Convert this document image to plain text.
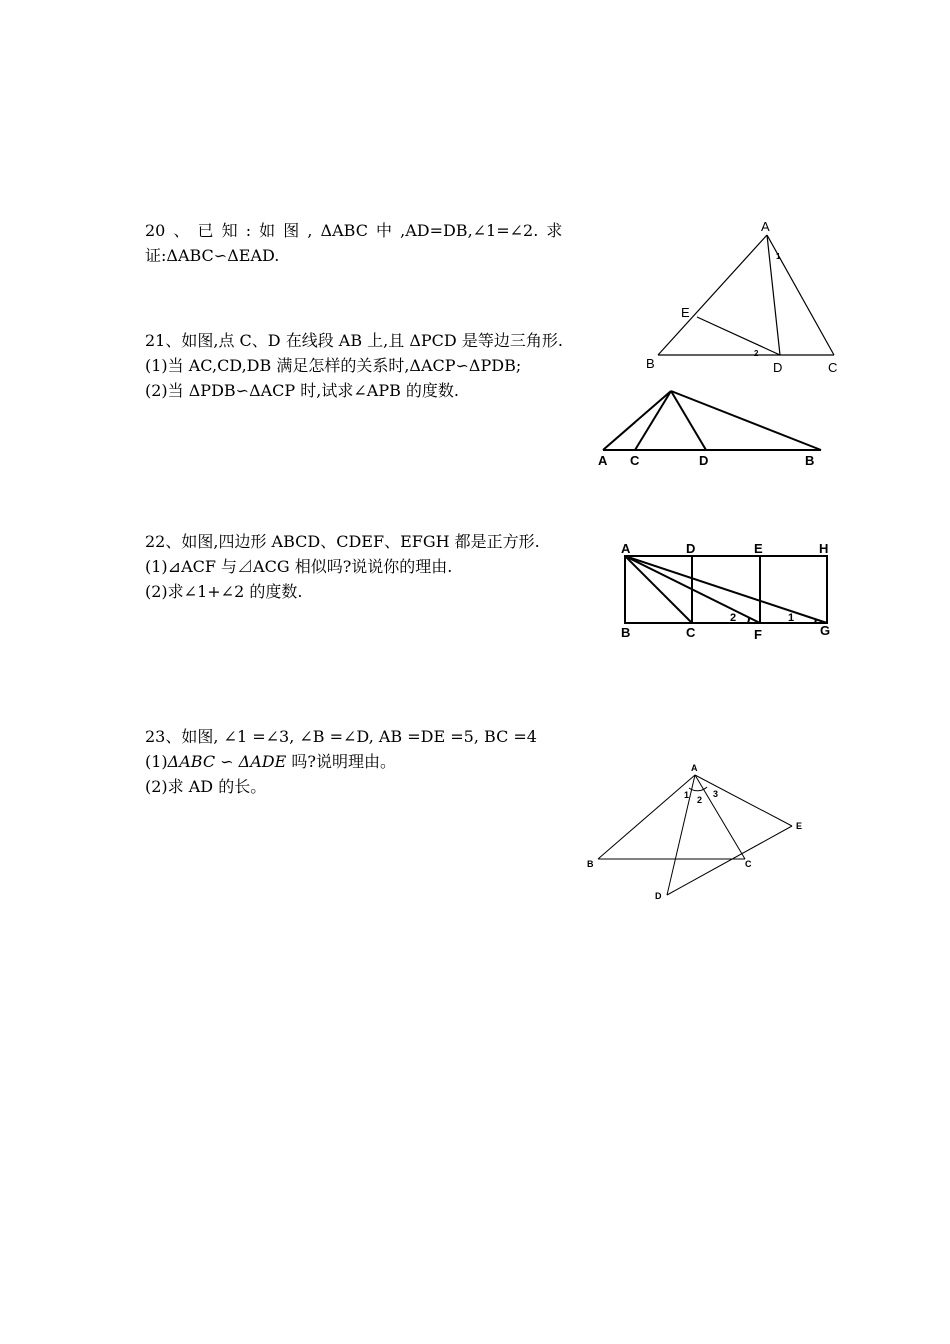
20 、 已 知 : 如 图 , ΔABC 中 ,AD=DB,∠1=∠2. 求

证:ΔABC∽ΔEAD.

A
B	C
D
E
1
2

21、如图,点 C、D 在线段 AB 上,且 ΔPCD 是等边三角形.

(1)当 AC,CD,DB 满足怎样的关系时,ΔACP∽ΔPDB;

(2)当 ΔPDB∽ΔACP 时,试求∠APB 的度数.

A C	D	B

22、如图,四边形 ABCD、CDEF、EFGH 都是正方形.

(1)⊿ACF 与⊿ACG 相似吗?说说你的理由.

(2)求∠1+∠2 的度数.

A	D	E	H
B	C	F	G
2	1

23、如图, ∠1 =∠3, ∠B =∠D, AB =DE =5, BC =4

(1)ΔABC ∽ ΔADE 吗?说明理由。

(2)求 AD 的长。

A
B	C
D
E
1 2
3
